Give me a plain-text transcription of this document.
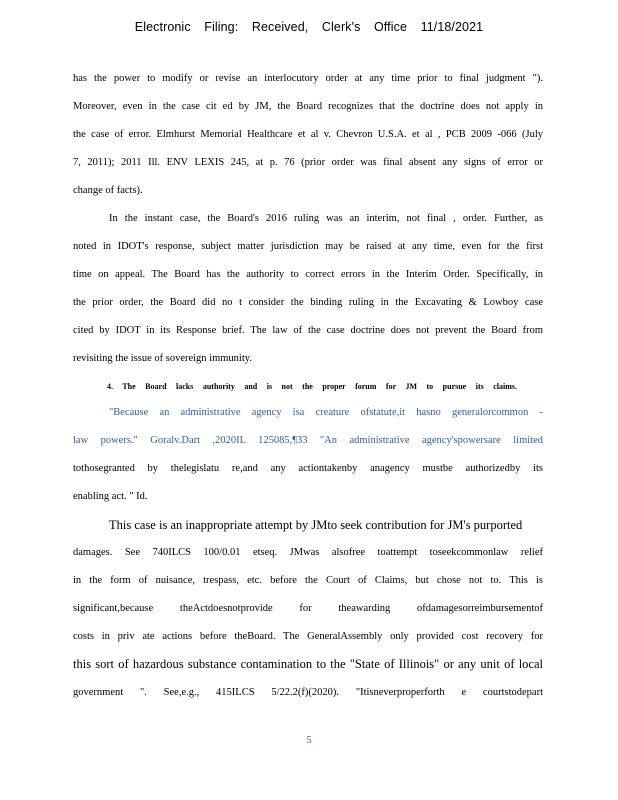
Electronic Filing: Received, Clerk's Office 11/18/2021
has the power to modify or revise an interlocutory order at any time prior to final judgment ").
Moreover, even in the case cit ed by JM, the Board recognizes that the doctrine does not apply in
the case of error. Elmhurst Memorial Healthcare et al v. Chevron U.S.A. et al , PCB 2009 -066 (July
7, 2011); 2011 Ill. ENV LEXIS 245, at p. 76 (prior order was final absent any signs of error or
change of facts).
In the instant case, the Board's 2016 ruling was an interim, not final , order. Further, as
noted in IDOT's response, subject matter jurisdiction may be raised at any time, even for the first
time on appeal. The Board has the authority to correct errors in the Interim Order. Specifically, in
the prior order, the Board did no t consider the binding ruling in the Excavating & Lowboy case
cited by IDOT in its Response brief. The law of the case doctrine does not prevent the Board from
revisiting the issue of sovereign immunity.
4. The Board lacks authority and is not the proper forum for JM to pursue its claims.
"Because an administrative agency isa creature ofstatute,it hasno generalorcommon -
law powers." Goralv.Dart ,2020IL 125085,¶33 "An administrative agency'spowersare limited
tothosegranted by thelegislatu re,and any actiontakenby anagency mustbe authorizedby its
enabling act. " Id.
This case is an inappropriate attempt by JMto seek contribution for JM's purported
damages. See 740ILCS 100/0.01 etseq. JMwas alsofree toattempt toseekcommonlaw relief
in the form of nuisance, trespass, etc. before the Court of Claims, but chose not to. This is
significant,because theActdoesnotprovide for theawarding ofdamagesorreimbursementof
costs in priv ate actions before theBoard. The GeneralAssembly only provided cost recovery for
this sort of hazardous substance contamination to the "State of Illinois" or any unit of local
government ". See,e.g., 415ILCS 5/22.2(f)(2020). "Itisneverproperforth e courtstodepart
5
